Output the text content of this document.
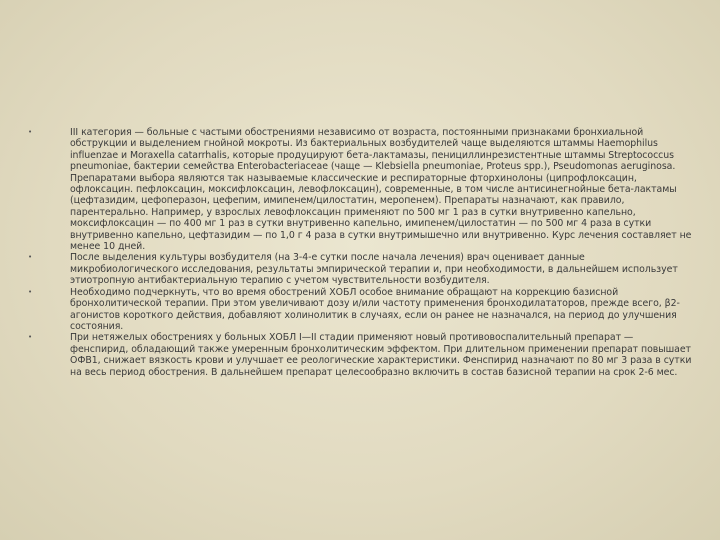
•	III категория — больные с частыми обострениями независимо от возраста, постоянными признаками бронхиальной обструкции и выделением гнойной мокроты. Из бактериальных возбудителей чаще выделяются штаммы Haemophilus influenzae и Moraxella catarrhalis, которые продуцируют бета-лактамазы, пенициллинрезистентные штаммы Streptococcus pneumoniae, бактерии семейства Enterobacteriaceae (чаще — Klebsiella pneumoniae, Proteus spp.), Pseudomonas aeruginosa. Препаратами выбора являются так называемые классические и респираторные фторхинолоны (ципрофлоксацин, офлоксацин. пефлоксацин, моксифлоксацин, левофлоксацин), современные, в том числе антисинегнойные бета-лактамы (цефтазидим, цефоперазон, цефепим, имипенем/цилостатин, меропенем). Препараты назначают, как правило, парентерально. Например, у взрослых левофлоксацин применяют по 500 мг 1 раз в сутки внутривенно капельно, моксифлоксацин — по 400 мг 1 раз в сутки внутривенно капельно, имипенем/цилостатин — по 500 мг 4 раза в сутки внутривенно капельно, цефтазидим — по 1,0 г 4 раза в сутки внутримышечно или внутривенно. Курс лечения составляет не менее 10 дней.
•	После выделения культуры возбудителя (на 3-4-е сутки после начала лечения) врач оценивает данные микробиологического исследования, результаты эмпирической терапии и, при необходимости, в дальнейшем использует этиотропную антибактериальную терапию с учетом чувствительности возбудителя.
•	Необходимо подчеркнуть, что во время обострений ХОБЛ особое внимание обращают на коррекцию базисной бронхолитической терапии. При этом увеличивают дозу и/или частоту применения бронходилататоров, прежде всего, β2-агонистов короткого действия, добавляют холинолитик в случаях, если он ранее не назначался, на период до улучшения состояния.
•	При нетяжелых обострениях у больных ХОБЛ I—II стадии применяют новый противовоспалительный препарат — фенспирид, обладающий также умеренным бронхолитическим эффектом. При длительном применении препарат повышает ОФВ1, снижает вязкость крови и улучшает ее реологические характеристики. Фенспирид назначают по 80 мг 3 раза в сутки на весь период обострения. В дальнейшем препарат целесообразно включить в состав базисной терапии на срок 2-6 мес.
